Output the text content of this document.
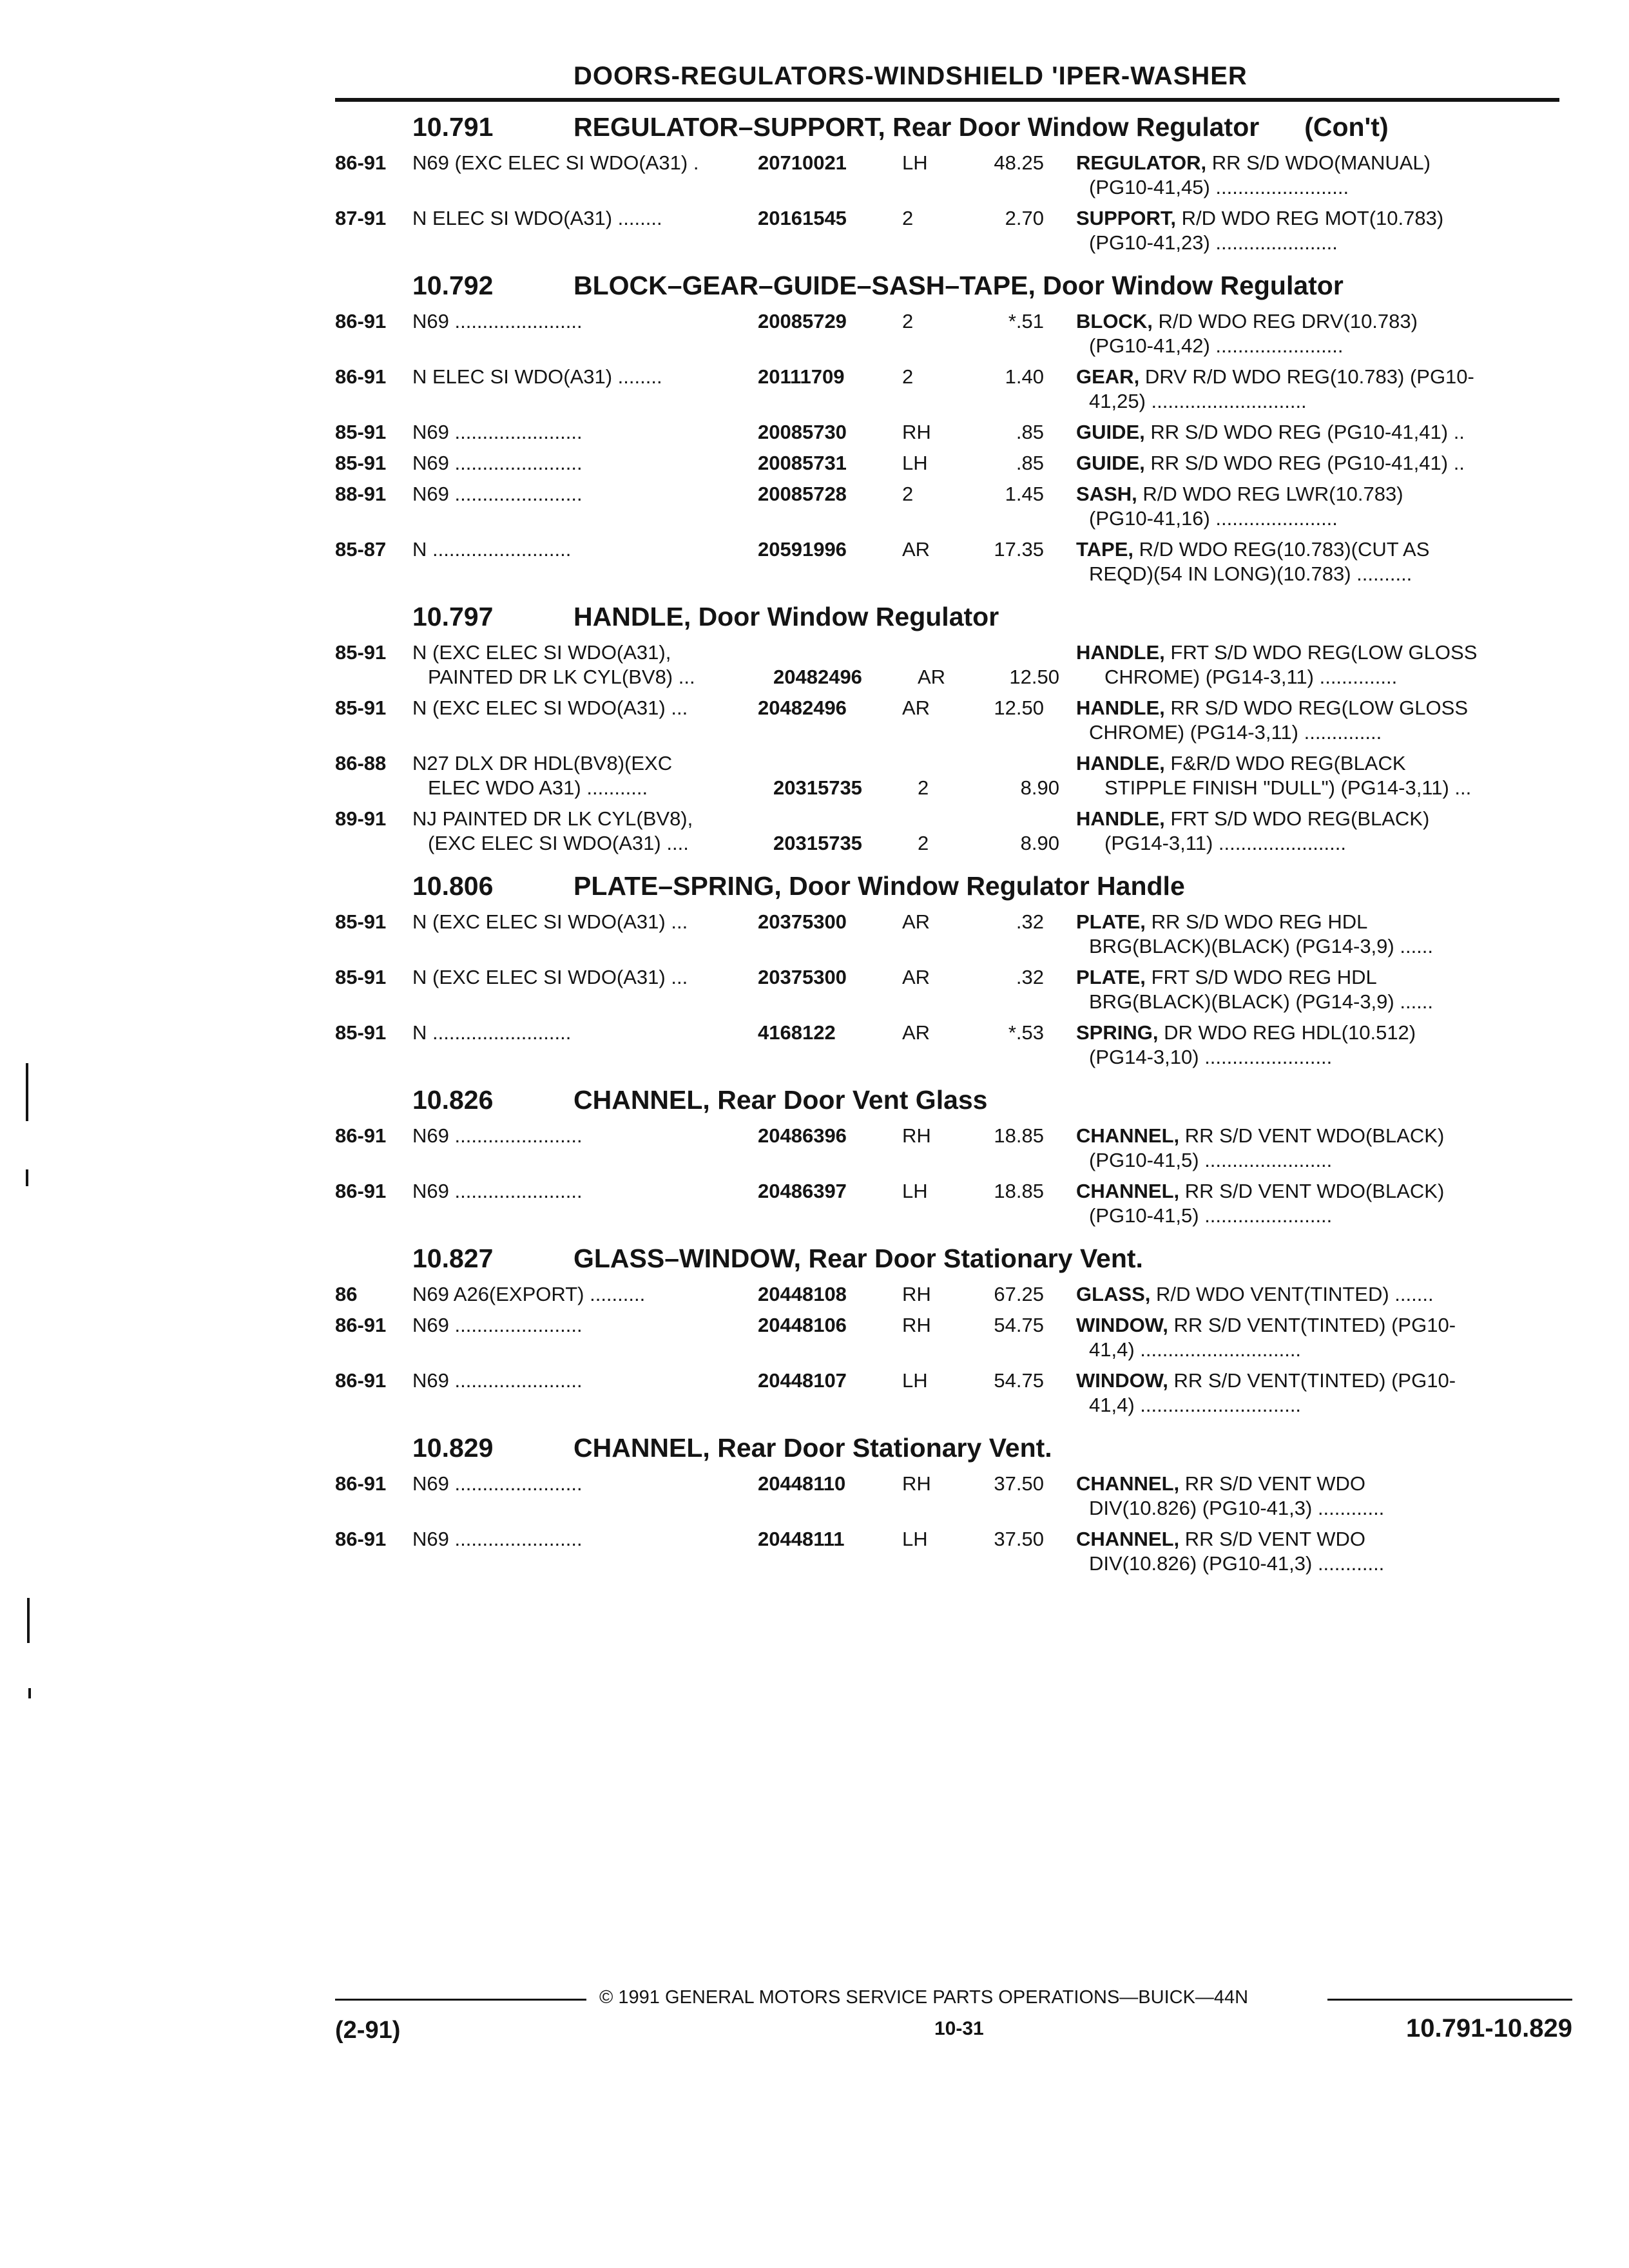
DOORS-REGULATORS-WINDSHIELD 'IPER-WASHER
10.791	REGULATOR–SUPPORT, Rear Door Window Regulator (Con't)
86-91	N69 (EXC ELEC SI WDO(A31) .	20710021	LH	48.25	REGULATOR, RR S/D WDO(MANUAL)
(PG10-41,45) ........................
87-91	N ELEC SI WDO(A31) ........	20161545	2	2.70	SUPPORT, R/D WDO REG MOT(10.783)
(PG10-41,23) ......................
10.792	BLOCK–GEAR–GUIDE–SASH–TAPE, Door Window Regulator
86-91	N69 .......................	20085729	2	*.51	BLOCK, R/D WDO REG DRV(10.783)
(PG10-41,42) .......................
86-91	N ELEC SI WDO(A31) ........	20111709	2	1.40	GEAR, DRV R/D WDO REG(10.783) (PG10-
41,25) ............................
85-91	N69 .......................	20085730	RH	.85	GUIDE, RR S/D WDO REG (PG10-41,41) ..
85-91	N69 .......................	20085731	LH	.85	GUIDE, RR S/D WDO REG (PG10-41,41) ..
88-91	N69 .......................	20085728	2	1.45	SASH, R/D WDO REG LWR(10.783)
(PG10-41,16) ......................
85-87	N .........................	20591996	AR	17.35	TAPE, R/D WDO REG(10.783)(CUT AS
REQD)(54 IN LONG)(10.783) ..........
10.797	HANDLE, Door Window Regulator
85-91	N (EXC ELEC SI WDO(A31),	HANDLE, FRT S/D WDO REG(LOW GLOSS
PAINTED DR LK CYL(BV8) ...	20482496	AR	12.50	CHROME) (PG14-3,11) ..............
85-91	N (EXC ELEC SI WDO(A31) ...	20482496	AR	12.50	HANDLE, RR S/D WDO REG(LOW GLOSS
CHROME) (PG14-3,11) ..............
86-88	N27 DLX DR HDL(BV8)(EXC	HANDLE, F&R/D WDO REG(BLACK
ELEC WDO A31) ...........	20315735	2	8.90	STIPPLE FINISH "DULL") (PG14-3,11) ...
89-91	NJ PAINTED DR LK CYL(BV8),	HANDLE, FRT S/D WDO REG(BLACK)
(EXC ELEC SI WDO(A31) ....	20315735	2	8.90	(PG14-3,11) .......................
10.806	PLATE–SPRING, Door Window Regulator Handle
85-91	N (EXC ELEC SI WDO(A31) ...	20375300	AR	.32	PLATE, RR S/D WDO REG HDL
BRG(BLACK)(BLACK) (PG14-3,9) ......
85-91	N (EXC ELEC SI WDO(A31) ...	20375300	AR	.32	PLATE, FRT S/D WDO REG HDL
BRG(BLACK)(BLACK) (PG14-3,9) ......
85-91	N .........................	4168122	AR	*.53	SPRING, DR WDO REG HDL(10.512)
(PG14-3,10) .......................
10.826	CHANNEL, Rear Door Vent Glass
86-91	N69 .......................	20486396	RH	18.85	CHANNEL, RR S/D VENT WDO(BLACK)
(PG10-41,5) .......................
86-91	N69 .......................	20486397	LH	18.85	CHANNEL, RR S/D VENT WDO(BLACK)
(PG10-41,5) .......................
10.827	GLASS–WINDOW, Rear Door Stationary Vent.
86	N69 A26(EXPORT) ..........	20448108	RH	67.25	GLASS, R/D WDO VENT(TINTED) .......
86-91	N69 .......................	20448106	RH	54.75	WINDOW, RR S/D VENT(TINTED) (PG10-
41,4) .............................
86-91	N69 .......................	20448107	LH	54.75	WINDOW, RR S/D VENT(TINTED) (PG10-
41,4) .............................
10.829	CHANNEL, Rear Door Stationary Vent.
86-91	N69 .......................	20448110	RH	37.50	CHANNEL, RR S/D VENT WDO
DIV(10.826) (PG10-41,3) ............
86-91	N69 .......................	20448111	LH	37.50	CHANNEL, RR S/D VENT WDO
DIV(10.826) (PG10-41,3) ............
© 1991 GENERAL MOTORS SERVICE PARTS OPERATIONS—BUICK—44N
(2-91)	10-31	10.791-10.829
